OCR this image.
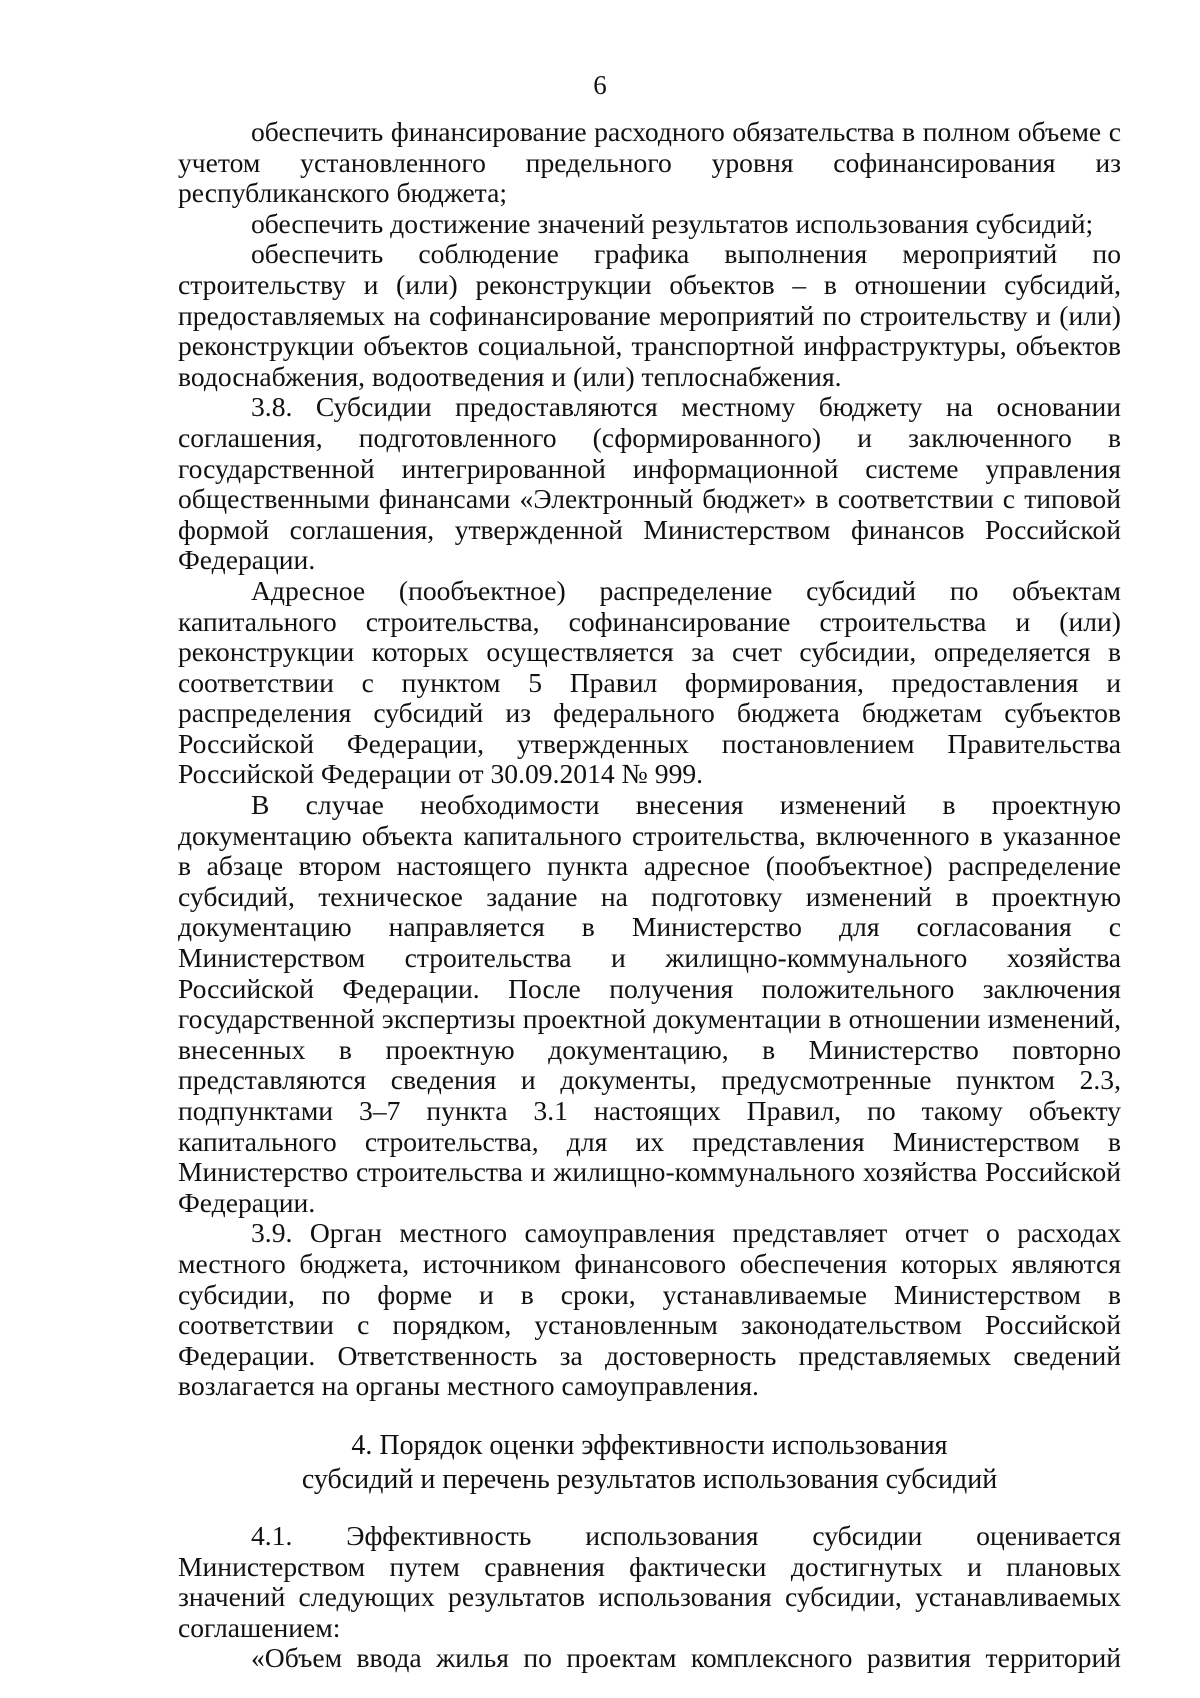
6

обеспечить финансирование расходного обязательства в полном объеме с учетом установленного предельного уровня софинансирования из республиканского бюджета;

обеспечить достижение значений результатов использования субсидий;

обеспечить соблюдение графика выполнения мероприятий по строительству и (или) реконструкции объектов – в отношении субсидий, предоставляемых на софинансирование мероприятий по строительству и (или) реконструкции объектов социальной, транспортной инфраструктуры, объектов водоснабжения, водоотведения и (или) теплоснабжения.

3.8. Субсидии предоставляются местному бюджету на основании соглашения, подготовленного (сформированного) и заключенного в государственной интегрированной информационной системе управления общественными финансами «Электронный бюджет» в соответствии с типовой формой соглашения, утвержденной Министерством финансов Российской Федерации.

Адресное (пообъектное) распределение субсидий по объектам капитального строительства, софинансирование строительства и (или) реконструкции которых осуществляется за счет субсидии, определяется в соответствии с пунктом 5 Правил формирования, предоставления и распределения субсидий из федерального бюджета бюджетам субъектов Российской Федерации, утвержденных постановлением Правительства Российской Федерации от 30.09.2014 № 999.

В случае необходимости внесения изменений в проектную документацию объекта капитального строительства, включенного в указанное в абзаце втором настоящего пункта адресное (пообъектное) распределение субсидий, техническое задание на подготовку изменений в проектную документацию направляется в Министерство для согласования с Министерством строительства и жилищно-коммунального хозяйства Российской Федерации. После получения положительного заключения государственной экспертизы проектной документации в отношении изменений, внесенных в проектную документацию, в Министерство повторно представляются сведения и документы, предусмотренные пунктом 2.3, подпунктами 3–7 пункта 3.1 настоящих Правил, по такому объекту капитального строительства, для их представления Министерством в Министерство строительства и жилищно-коммунального хозяйства Российской Федерации.

3.9. Орган местного самоуправления представляет отчет о расходах местного бюджета, источником финансового обеспечения которых являются субсидии, по форме и в сроки, устанавливаемые Министерством в соответствии с порядком, установленным законодательством Российской Федерации. Ответственность за достоверность представляемых сведений возлагается на органы местного самоуправления.

4. Порядок оценки эффективности использования
субсидий и перечень результатов использования субсидий

4.1. Эффективность использования субсидии оценивается Министерством путем сравнения фактически достигнутых и плановых значений следующих результатов использования субсидии, устанавливаемых соглашением:

«Объем ввода жилья по проектам комплексного развития территорий
